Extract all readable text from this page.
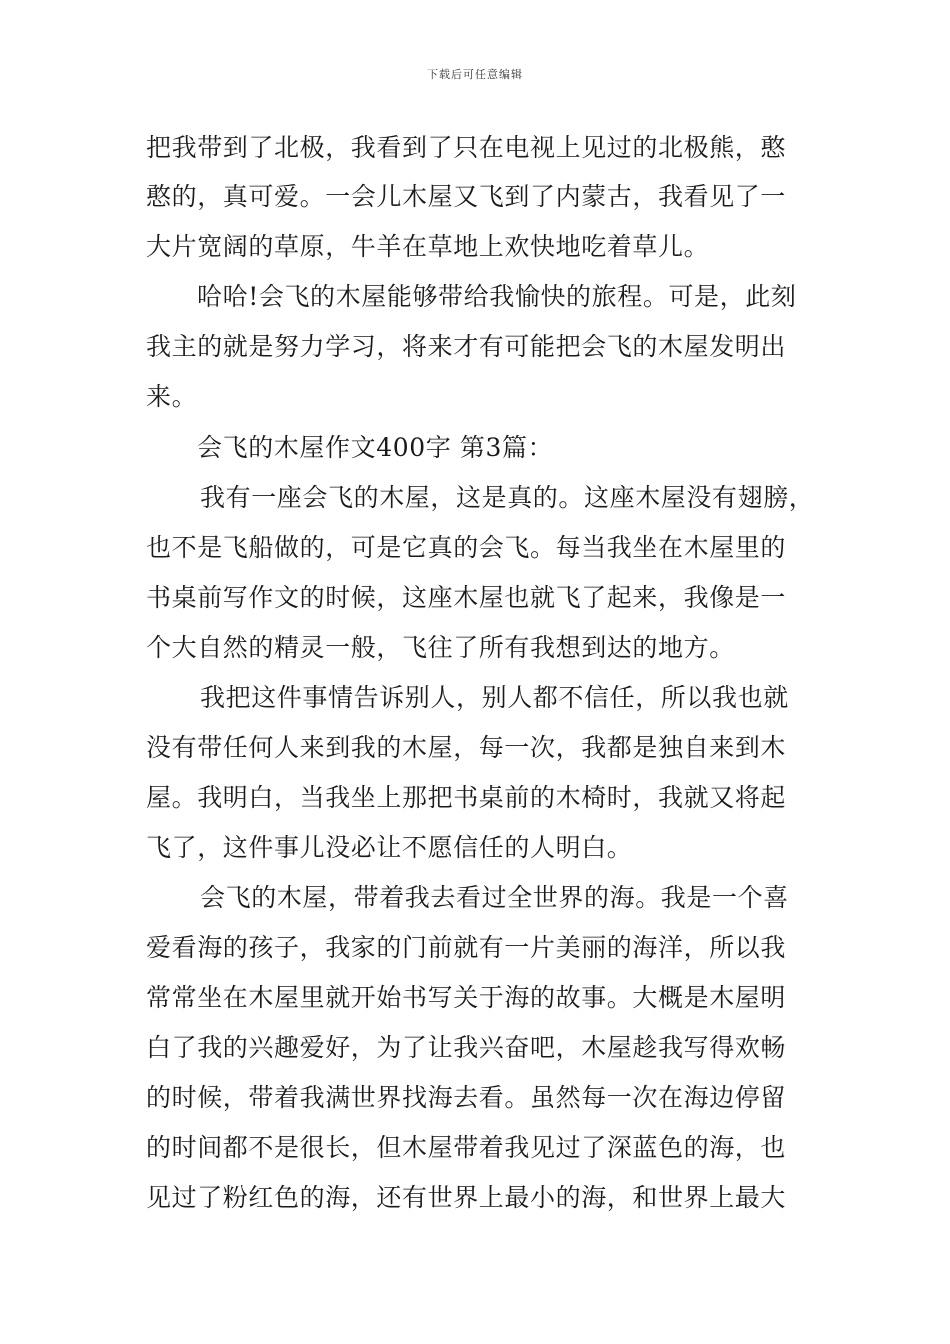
下载后可任意编辑
把我带到了北极，我看到了只在电视上见过的北极熊，憨
憨的，真可爱。一会儿木屋又飞到了内蒙古，我看见了一
大片宽阔的草原，牛羊在草地上欢快地吃着草儿。
哈哈!会飞的木屋能够带给我愉快的旅程。可是，此刻
我主的就是努力学习，将来才有可能把会飞的木屋发明出
来。
会飞的木屋作文400字 第3篇：
我有一座会飞的木屋，这是真的。这座木屋没有翅膀，
也不是飞船做的，可是它真的会飞。每当我坐在木屋里的
书桌前写作文的时候，这座木屋也就飞了起来，我像是一
个大自然的精灵一般，飞往了所有我想到达的地方。
我把这件事情告诉别人，别人都不信任，所以我也就
没有带任何人来到我的木屋，每一次，我都是独自来到木
屋。我明白，当我坐上那把书桌前的木椅时，我就又将起
飞了，这件事儿没必让不愿信任的人明白。
会飞的木屋，带着我去看过全世界的海。我是一个喜
爱看海的孩子，我家的门前就有一片美丽的海洋，所以我
常常坐在木屋里就开始书写关于海的故事。大概是木屋明
白了我的兴趣爱好，为了让我兴奋吧，木屋趁我写得欢畅
的时候，带着我满世界找海去看。虽然每一次在海边停留
的时间都不是很长，但木屋带着我见过了深蓝色的海，也
见过了粉红色的海，还有世界上最小的海，和世界上最大
